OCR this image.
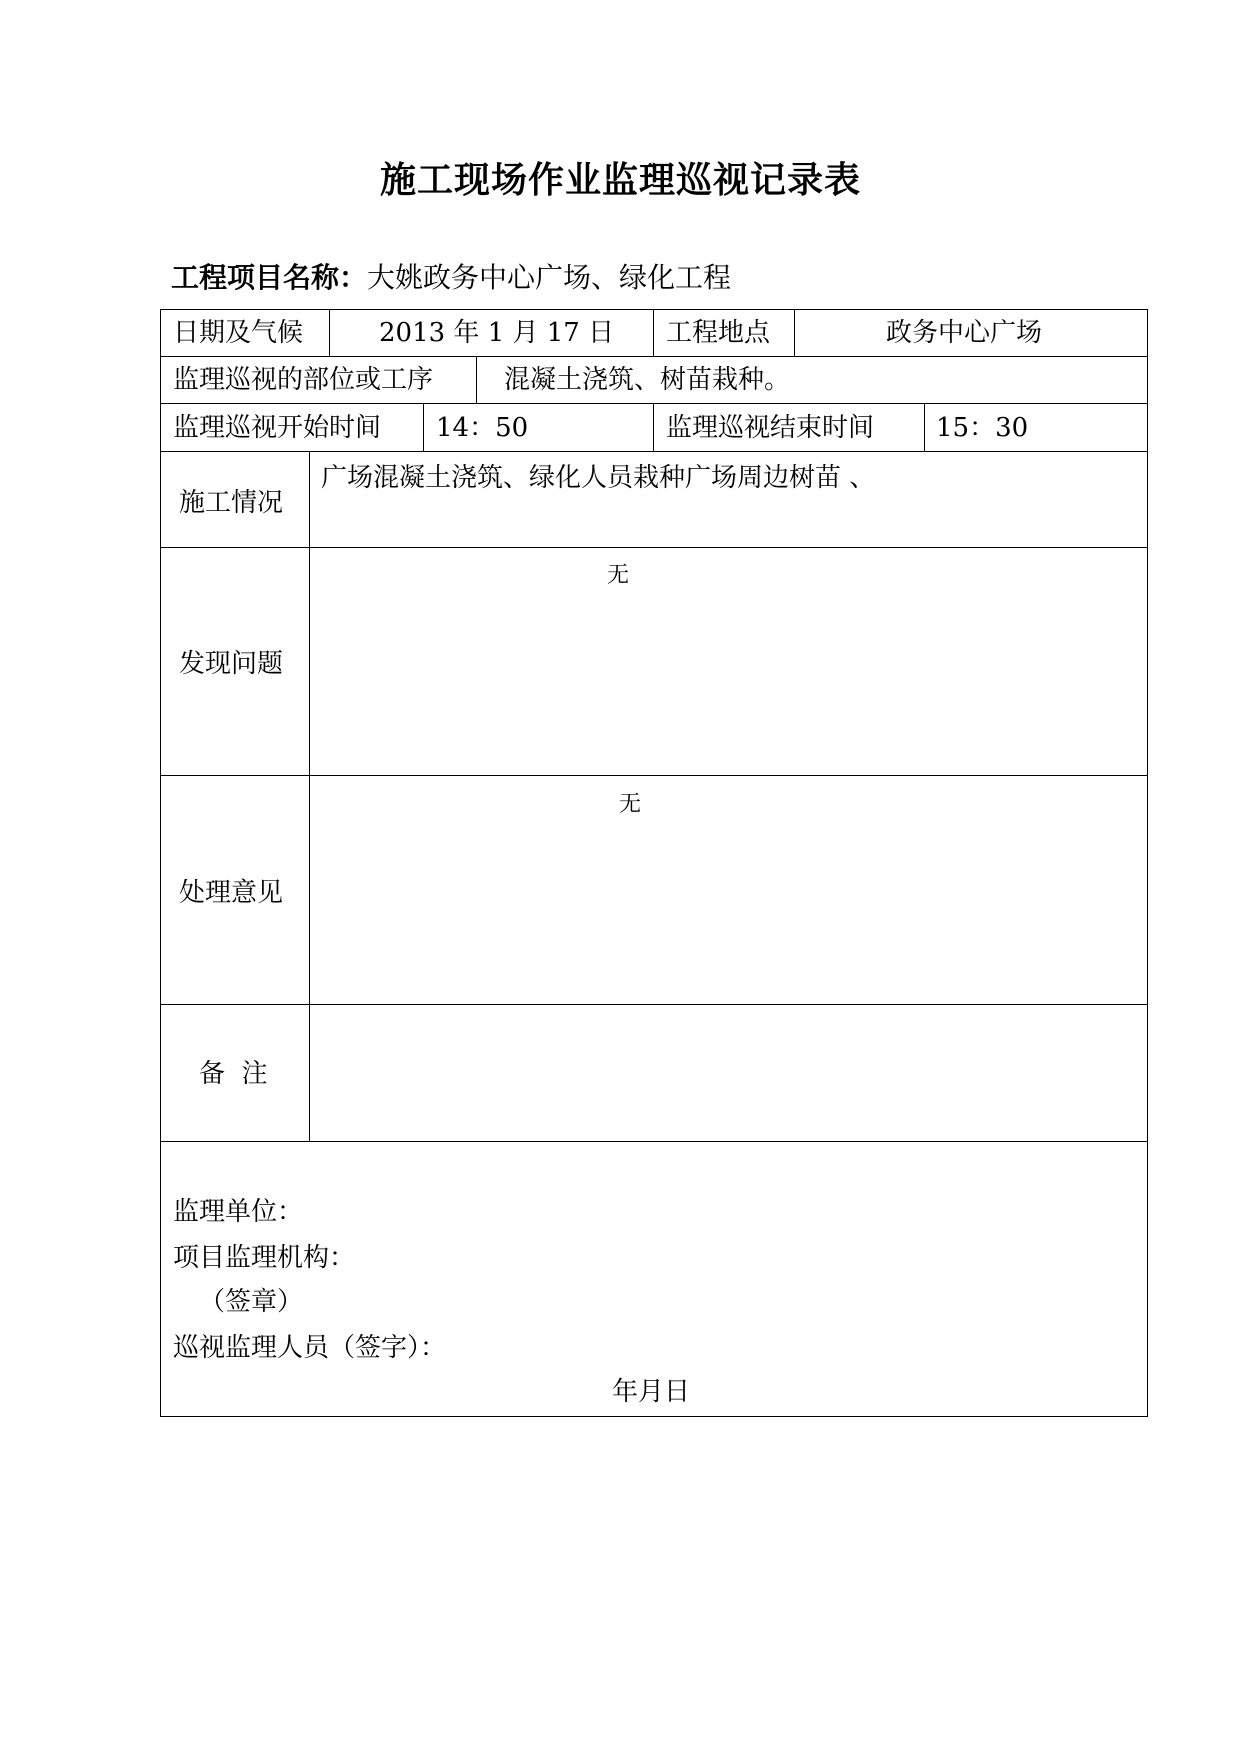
施工现场作业监理巡视记录表
工程项目名称：大姚政务中心广场、绿化工程
日期及气候	2013 年 1 月 17 日 工程地点	政务中心广场
监理巡视的部位或工序	混凝土浇筑、树苗栽种。
监理巡视开始时间 14：50	监理巡视结束时间 15：30
施工情况
广场混凝土浇筑、绿化人员栽种广场周边树苗 、
发现问题
无
处理意见
无
备  注
监理单位：
项目监理机构：
（签章）
巡视监理人员（签字）：
年月日
